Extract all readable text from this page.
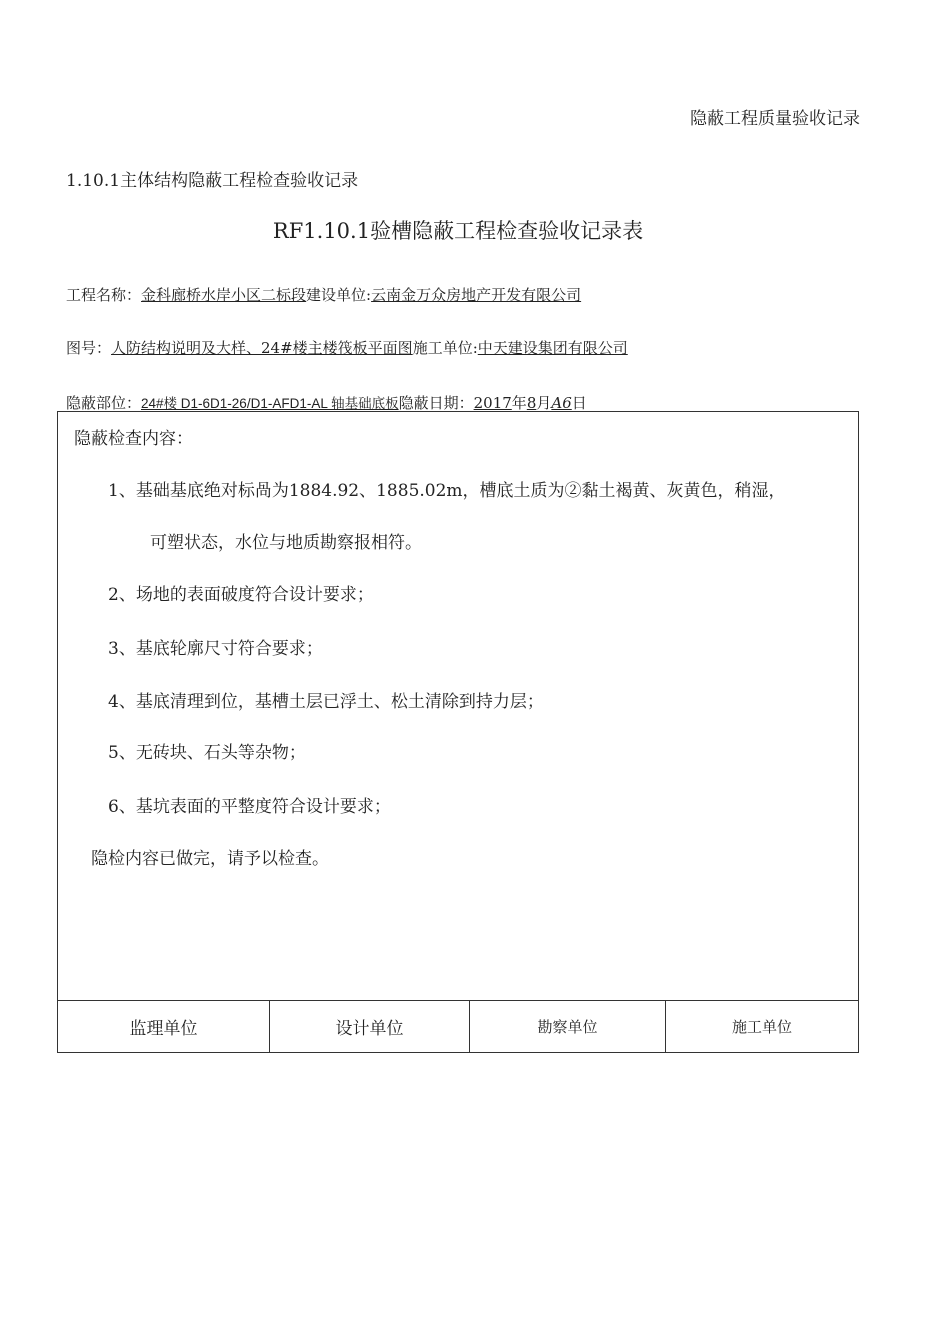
隐蔽工程质量验收记录
1.10.1主体结构隐蔽工程检查验收记录
RF1.10.1验槽隐蔽工程检查验收记录表
工程名称：金科廊桥水岸小区二标段建设单位:云南金万众房地产开发有限公司
图号：人防结构说明及大样、24#楼主楼筏板平面图施工单位:中天建设集团有限公司
隐蔽部位：24#楼 D1-6D1-26/D1-AFD1-AL 轴基础底板隐蔽日期：2017年8月A6日
隐蔽检查内容：
1、基础基底绝对标咼为1884.92、1885.02m，槽底土质为②黏土褐黄、灰黄色，稍湿，
可塑状态，水位与地质勘察报相符。
2、场地的表面破度符合设计要求；
3、基底轮廓尺寸符合要求；
4、基底清理到位，基槽土层已浮土、松土清除到持力层；
5、无砖块、石头等杂物；
6、基坑表面的平整度符合设计要求；
隐检内容已做完，请予以检查。
监理单位	设计单位	勘察单位	施工单位
